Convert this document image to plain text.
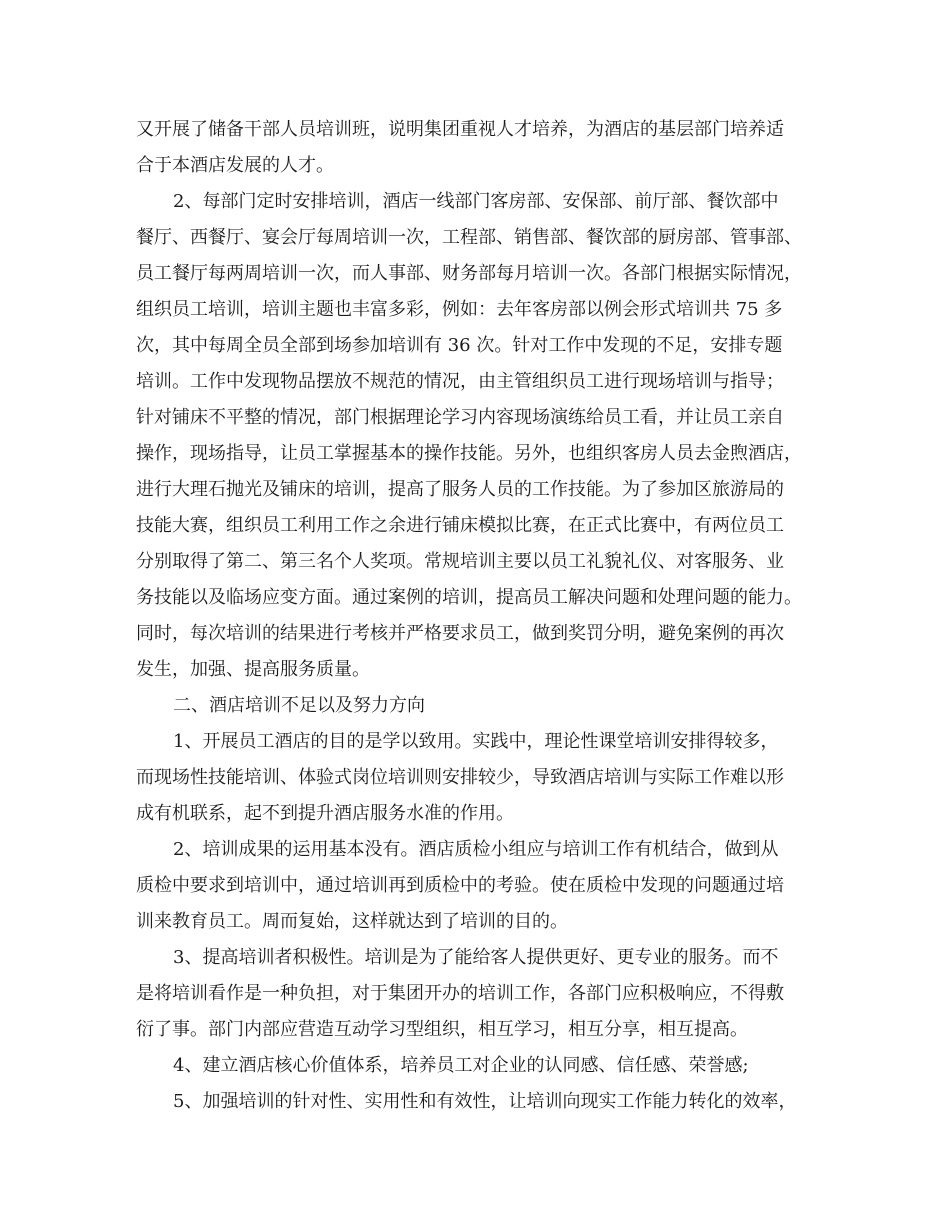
又开展了储备干部人员培训班，说明集团重视人才培养，为酒店的基层部门培养适

合于本酒店发展的人才。

2、每部门定时安排培训，酒店一线部门客房部、安保部、前厅部、餐饮部中

餐厅、西餐厅、宴会厅每周培训一次，工程部、销售部、餐饮部的厨房部、管事部、

员工餐厅每两周培训一次，而人事部、财务部每月培训一次。各部门根据实际情况，

组织员工培训，培训主题也丰富多彩，例如：去年客房部以例会形式培训共 75 多

次，其中每周全员全部到场参加培训有 36 次。针对工作中发现的不足，安排专题

培训。工作中发现物品摆放不规范的情况，由主管组织员工进行现场培训与指导；

针对铺床不平整的情况，部门根据理论学习内容现场演练给员工看，并让员工亲自

操作，现场指导，让员工掌握基本的操作技能。另外，也组织客房人员去金煦酒店，

进行大理石抛光及铺床的培训，提高了服务人员的工作技能。为了参加区旅游局的

技能大赛，组织员工利用工作之余进行铺床模拟比赛，在正式比赛中，有两位员工

分别取得了第二、第三名个人奖项。常规培训主要以员工礼貌礼仪、对客服务、业

务技能以及临场应变方面。通过案例的培训，提高员工解决问题和处理问题的能力。

同时，每次培训的结果进行考核并严格要求员工，做到奖罚分明，避免案例的再次

发生，加强、提高服务质量。

二、酒店培训不足以及努力方向

1、开展员工酒店的目的是学以致用。实践中，理论性课堂培训安排得较多，

而现场性技能培训、体验式岗位培训则安排较少，导致酒店培训与实际工作难以形

成有机联系，起不到提升酒店服务水准的作用。

2、培训成果的运用基本没有。酒店质检小组应与培训工作有机结合，做到从

质检中要求到培训中，通过培训再到质检中的考验。使在质检中发现的问题通过培

训来教育员工。周而复始，这样就达到了培训的目的。

3、提高培训者积极性。培训是为了能给客人提供更好、更专业的服务。而不

是将培训看作是一种负担，对于集团开办的培训工作，各部门应积极响应，不得敷

衍了事。部门内部应营造互动学习型组织，相互学习，相互分享，相互提高。

4、建立酒店核心价值体系，培养员工对企业的认同感、信任感、荣誉感;

5、加强培训的针对性、实用性和有效性，让培训向现实工作能力转化的效率，
